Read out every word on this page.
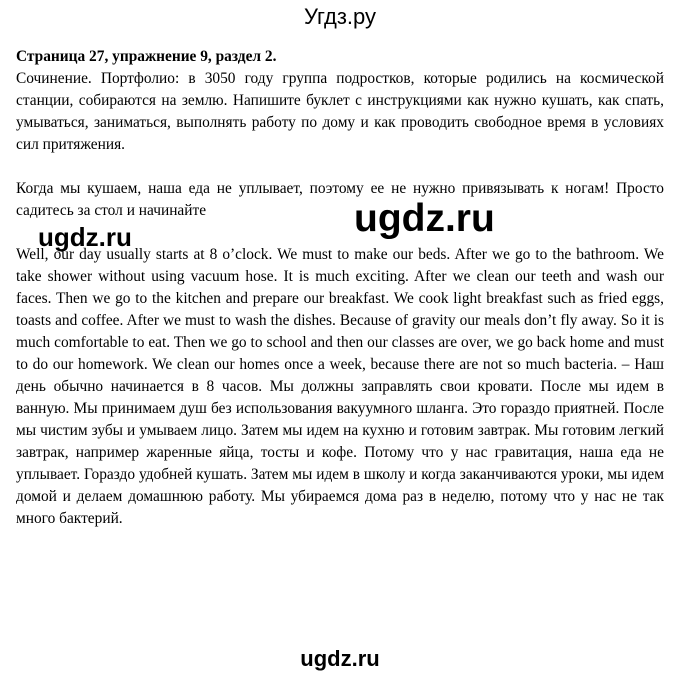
Угдз.ру

Страница 27, упражнение 9, раздел 2.

Сочинение. Портфолио: в 3050 году группа подростков, которые родились на космической станции, собираются на землю. Напишите буклет с инструкциями как нужно кушать, как спать, умываться, заниматься, выполнять работу по дому и как проводить свободное время в условиях сил притяжения.

Когда мы кушаем, наша еда не уплывает, поэтому ее не нужно привязывать к ногам! Просто садитесь за стол и начинайте	ugdz.ru
ugdz.ru

Well, our day usually starts at 8 o’clock. We must to make our beds. After we go to the bathroom. We take shower without using vacuum hose. It is much exciting. After we clean our teeth and wash our faces. Then we go to the kitchen and prepare our breakfast. We cook light breakfast such as fried eggs, toasts and coffee. After we must to wash the dishes. Because of gravity our meals don’t fly away. So it is much comfortable to eat. Then we go to school and then our classes are over, we go back home and must to do our homework. We clean our homes once a week, because there are not so much bacteria. – Наш день обычно начинается в 8 часов. Мы должны заправлять свои кровати. После мы идем в ванную. Мы принимаем душ без использования вакуумного шланга. Это гораздо приятней. После мы чистим зубы и умываем лицо. Затем мы идем на кухню и готовим завтрак. Мы готовим легкий завтрак, например жаренные яйца, тосты и кофе. Потому что у нас гравитация, наша еда не уплывает. Гораздо удобней кушать. Затем мы идем в школу и когда заканчиваются уроки, мы идем домой и делаем домашнюю работу. Мы убираемся дома раз в неделю, потому что у нас не так много бактерий.

ugdz.ru
